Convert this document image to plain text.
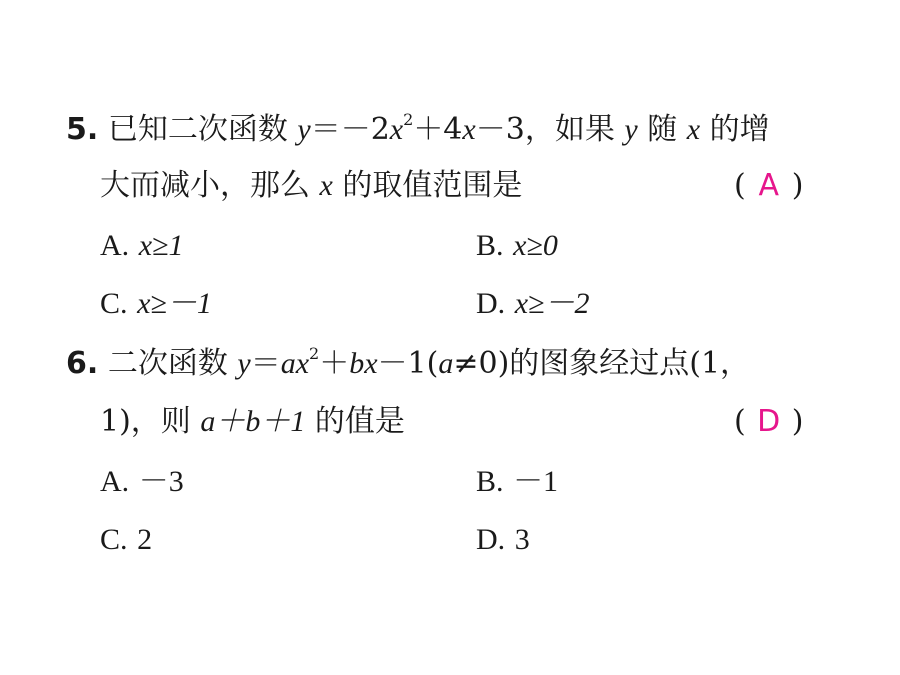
5. 已知二次函数 $y=-2x^2+4x-3$，如果 y 随 x 的增
大而减小，那么 x 的取值范围是	( A )
A. x≥1	B. x≥0
C. x≥－1	D. x≥－2
6. 二次函数 $y=ax^2+bx-1(a\ne 0)$的图象经过点(1，
1)，则 a＋b＋1 的值是	( D )
A. －3	B. －1
C. 2	D. 3
